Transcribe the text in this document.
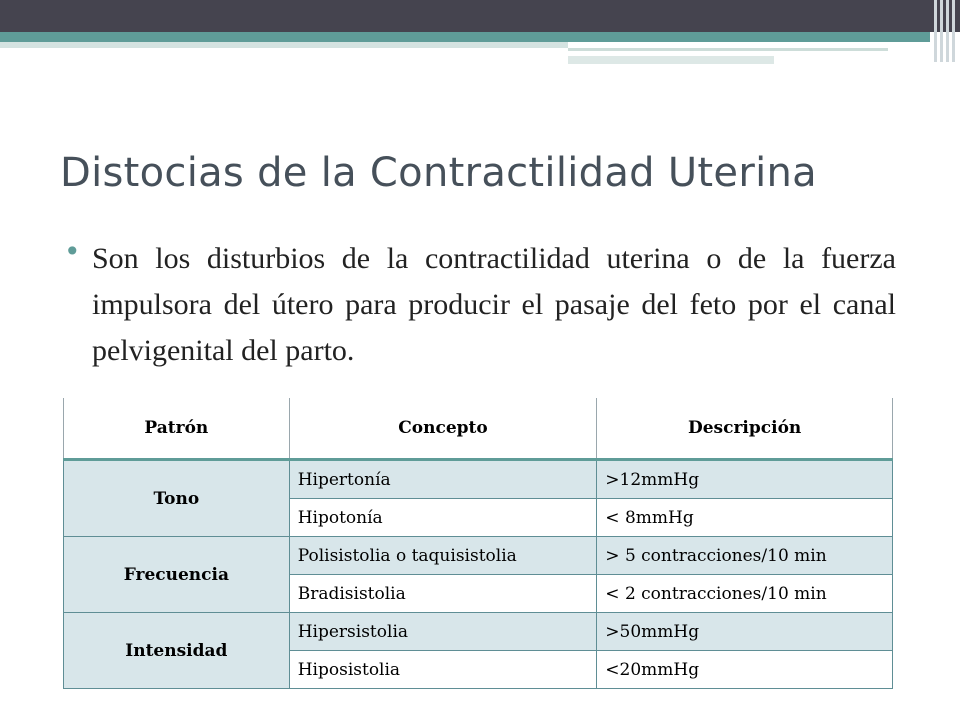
Distocias de la Contractilidad Uterina
• Son los disturbios de la contractilidad uterina o de la fuerza impulsora del útero para producir el pasaje del feto por el canal pelvigenital del parto.

Patrón	Concepto	Descripción
Tono	Hipertonía	>12mmHg
	Hipotonía	< 8mmHg
Frecuencia	Polisistolia o taquisistolia	> 5 contracciones/10 min
	Bradisistolia	< 2 contracciones/10 min
Intensidad	Hipersistolia	>50mmHg
	Hiposistolia	<20mmHg
